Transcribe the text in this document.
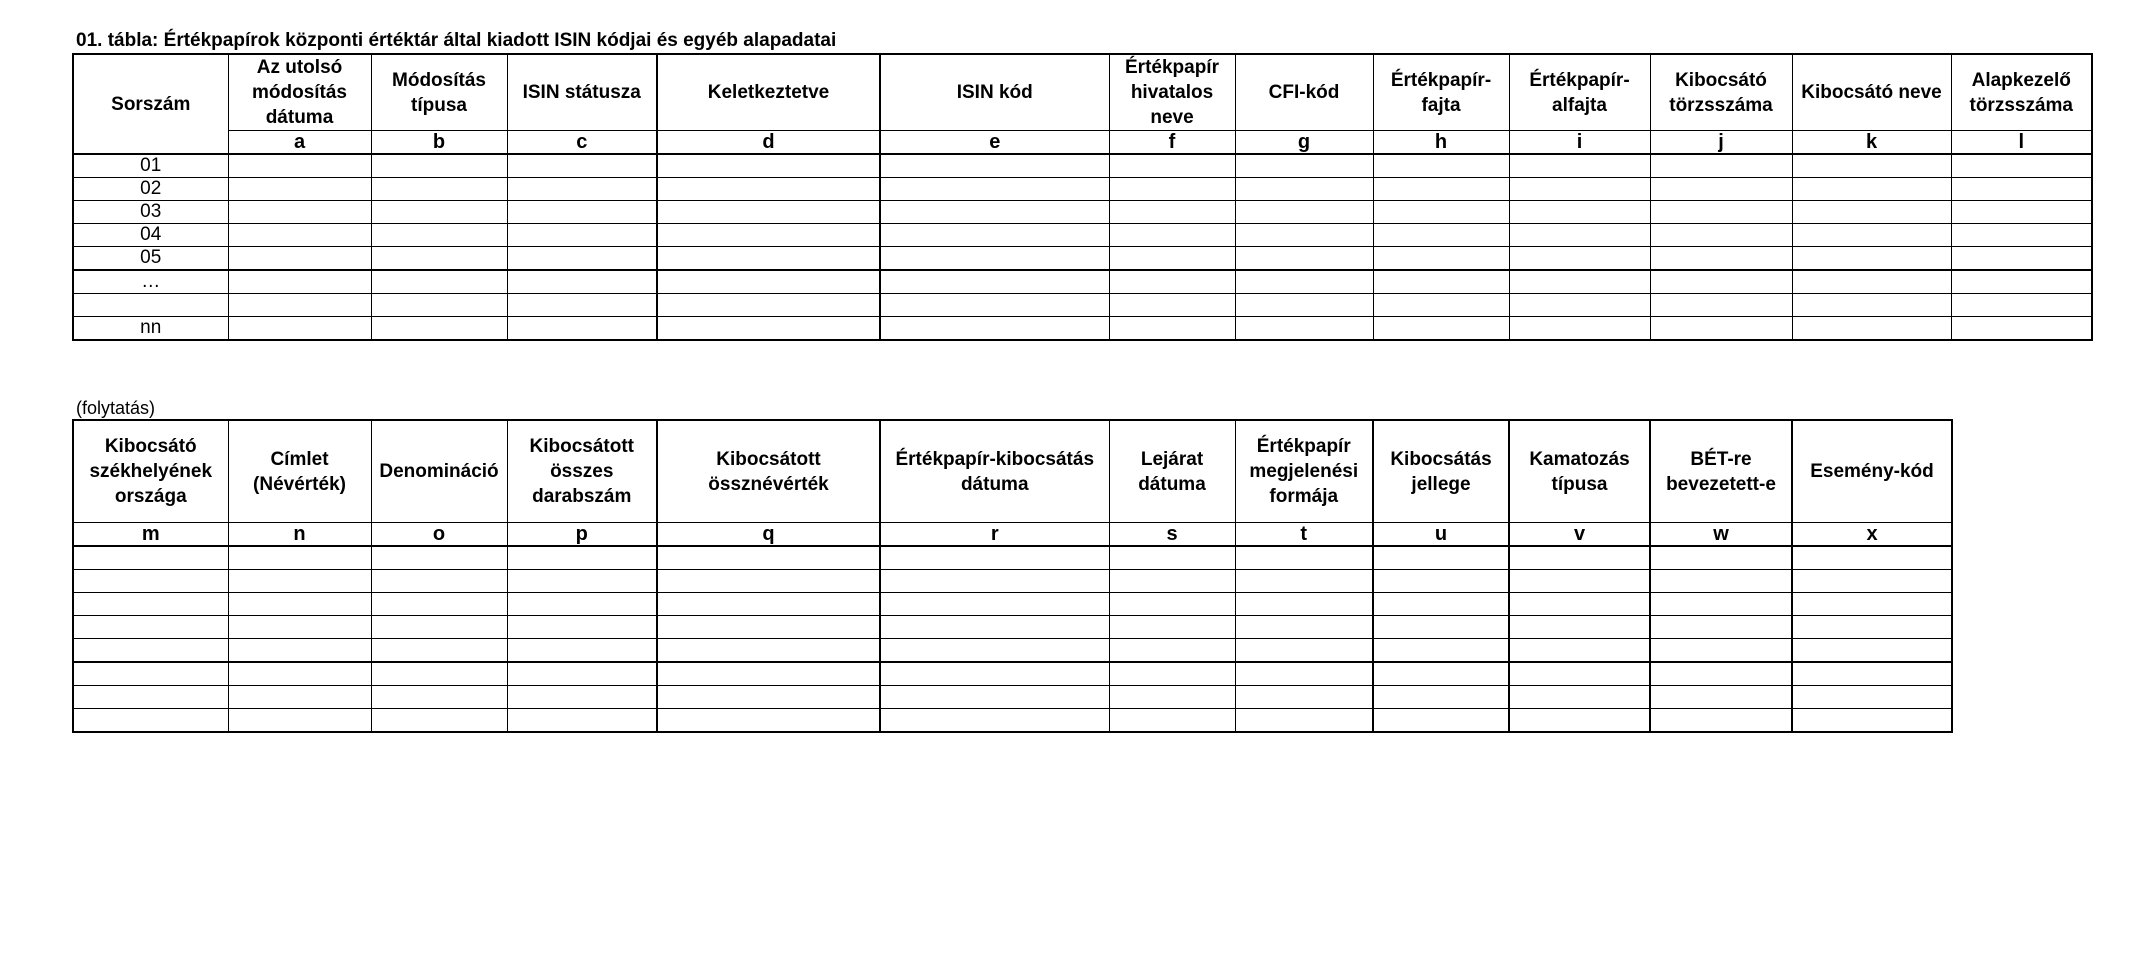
01. tábla: Értékpapírok központi értéktár által kiadott ISIN kódjai és egyéb alapadatai
Sorszám	Az utolsó módosítás dátuma	Módosítás típusa	ISIN státusza	Keletkeztetve	ISIN kód	Értékpapír hivatalos neve	CFI-kód	Értékpapír-fajta	Értékpapír-alfajta	Kibocsátó törzsszáma	Kibocsátó neve	Alapkezelő törzsszáma
	a	b	c	d	e	f	g	h	i	j	k	l
01												
02												
03												
04												
05												
…												

nn												
(folytatás)
Kibocsátó székhelyének országa	Címlet (Névérték)	Denomináció	Kibocsátott összes darabszám	Kibocsátott össznévérték	Értékpapír-kibocsátás dátuma	Lejárat dátuma	Értékpapír megjelenési formája	Kibocsátás jellege	Kamatozás típusa	BÉT-re bevezetett-e	Esemény-kód
m	n	o	p	q	r	s	t	u	v	w	x
